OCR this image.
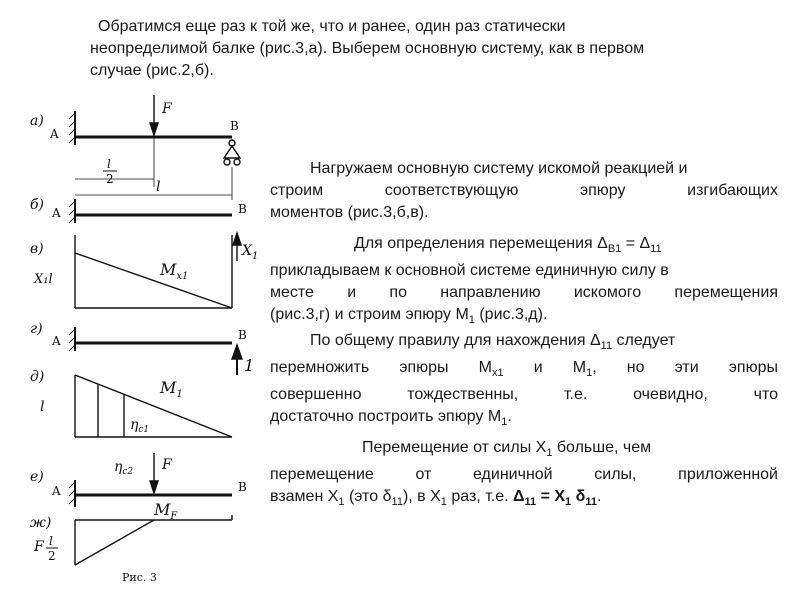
Обратимся еще раз к той же, что и ранее, один раз статически
неопределимой балке (рис.3,а). Выберем основную систему, как в первом
случае (рис.2,б).
Нагружаем основную систему искомой реакцией и
строим соответствующую эпюру изгибающих
моментов (рис.3,б,в).
Для определения перемещения $\Delta_{B1} = \Delta_{11}$
прикладываем к основной системе единичную силу в
месте и по направлению искомого перемещения
(рис.3,г) и строим эпюру $M_1$ (рис.3,д).
По общему правилу для нахождения $\Delta_{11}$ следует
перемножить эпюры $M_{x1}$ и $M_1$, но эти эпюры
совершенно тождественны, т.е. очевидно, что
достаточно построить эпюру $M_1$.
Перемещение от силы $X_1$ больше, чем
перемещение от единичной силы, приложенной
взамен $X_1$ (это $\delta_{11}$), в $X_1$ раз, т.е. $\Delta_{11} = X_1$ $\delta_{11}$.
а)
A
B
F
l
2	l
б) A	B
в)
X₁l
$M_{x1}$
$X_1$
г)
A	B
1
д)
l
$M_1$
$\eta_{c1}$
$\eta_{c2}$
е)
A	B
F
ж)
$M_F$
F l
2
Рис. 3
